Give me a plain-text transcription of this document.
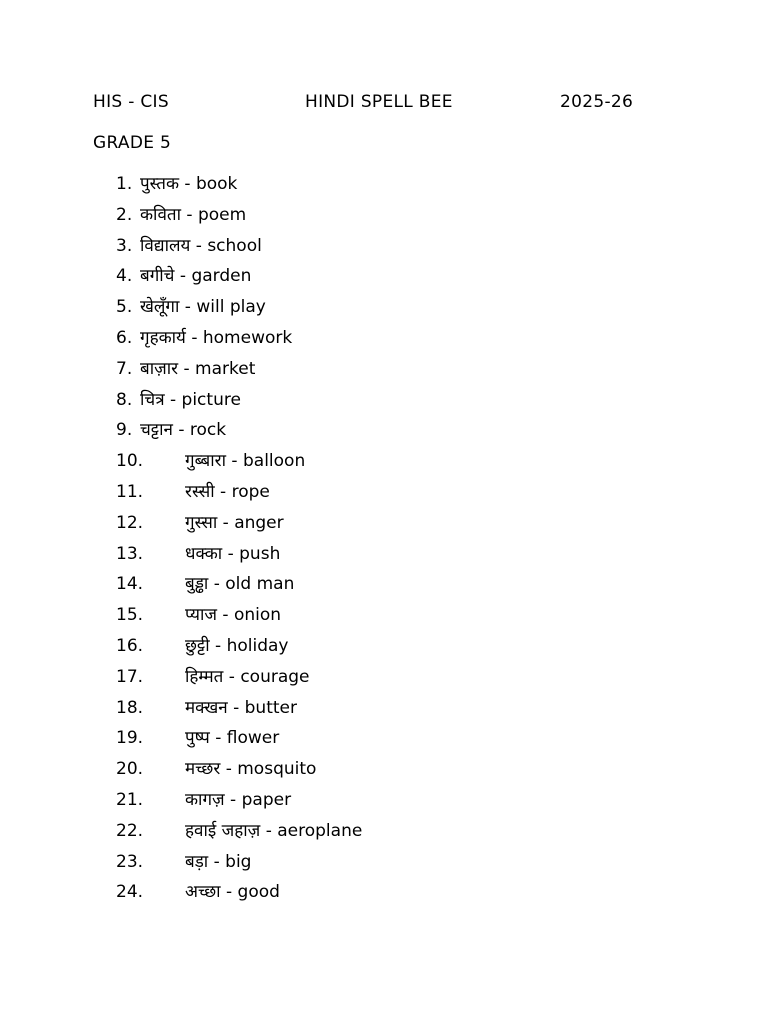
HIS - CIS	HINDI SPELL BEE	2025-26
GRADE 5
1. पुस्तक - book
2. कविता - poem
3. विद्यालय - school
4. बगीचे - garden
5. खेलूँगा - will play
6. गृहकार्य - homework
7. बाज़ार - market
8. चित्र - picture
9. चट्टान - rock
10. गुब्बारा - balloon
11. रस्सी - rope
12. गुस्सा - anger
13. धक्का - push
14. बुड्ढा - old man
15. प्याज - onion
16. छुट्टी - holiday
17. हिम्मत - courage
18. मक्खन - butter
19. पुष्प - flower
20. मच्छर - mosquito
21. कागज़ - paper
22. हवाई जहाज़ - aeroplane
23. बड़ा - big
24. अच्छा - good
